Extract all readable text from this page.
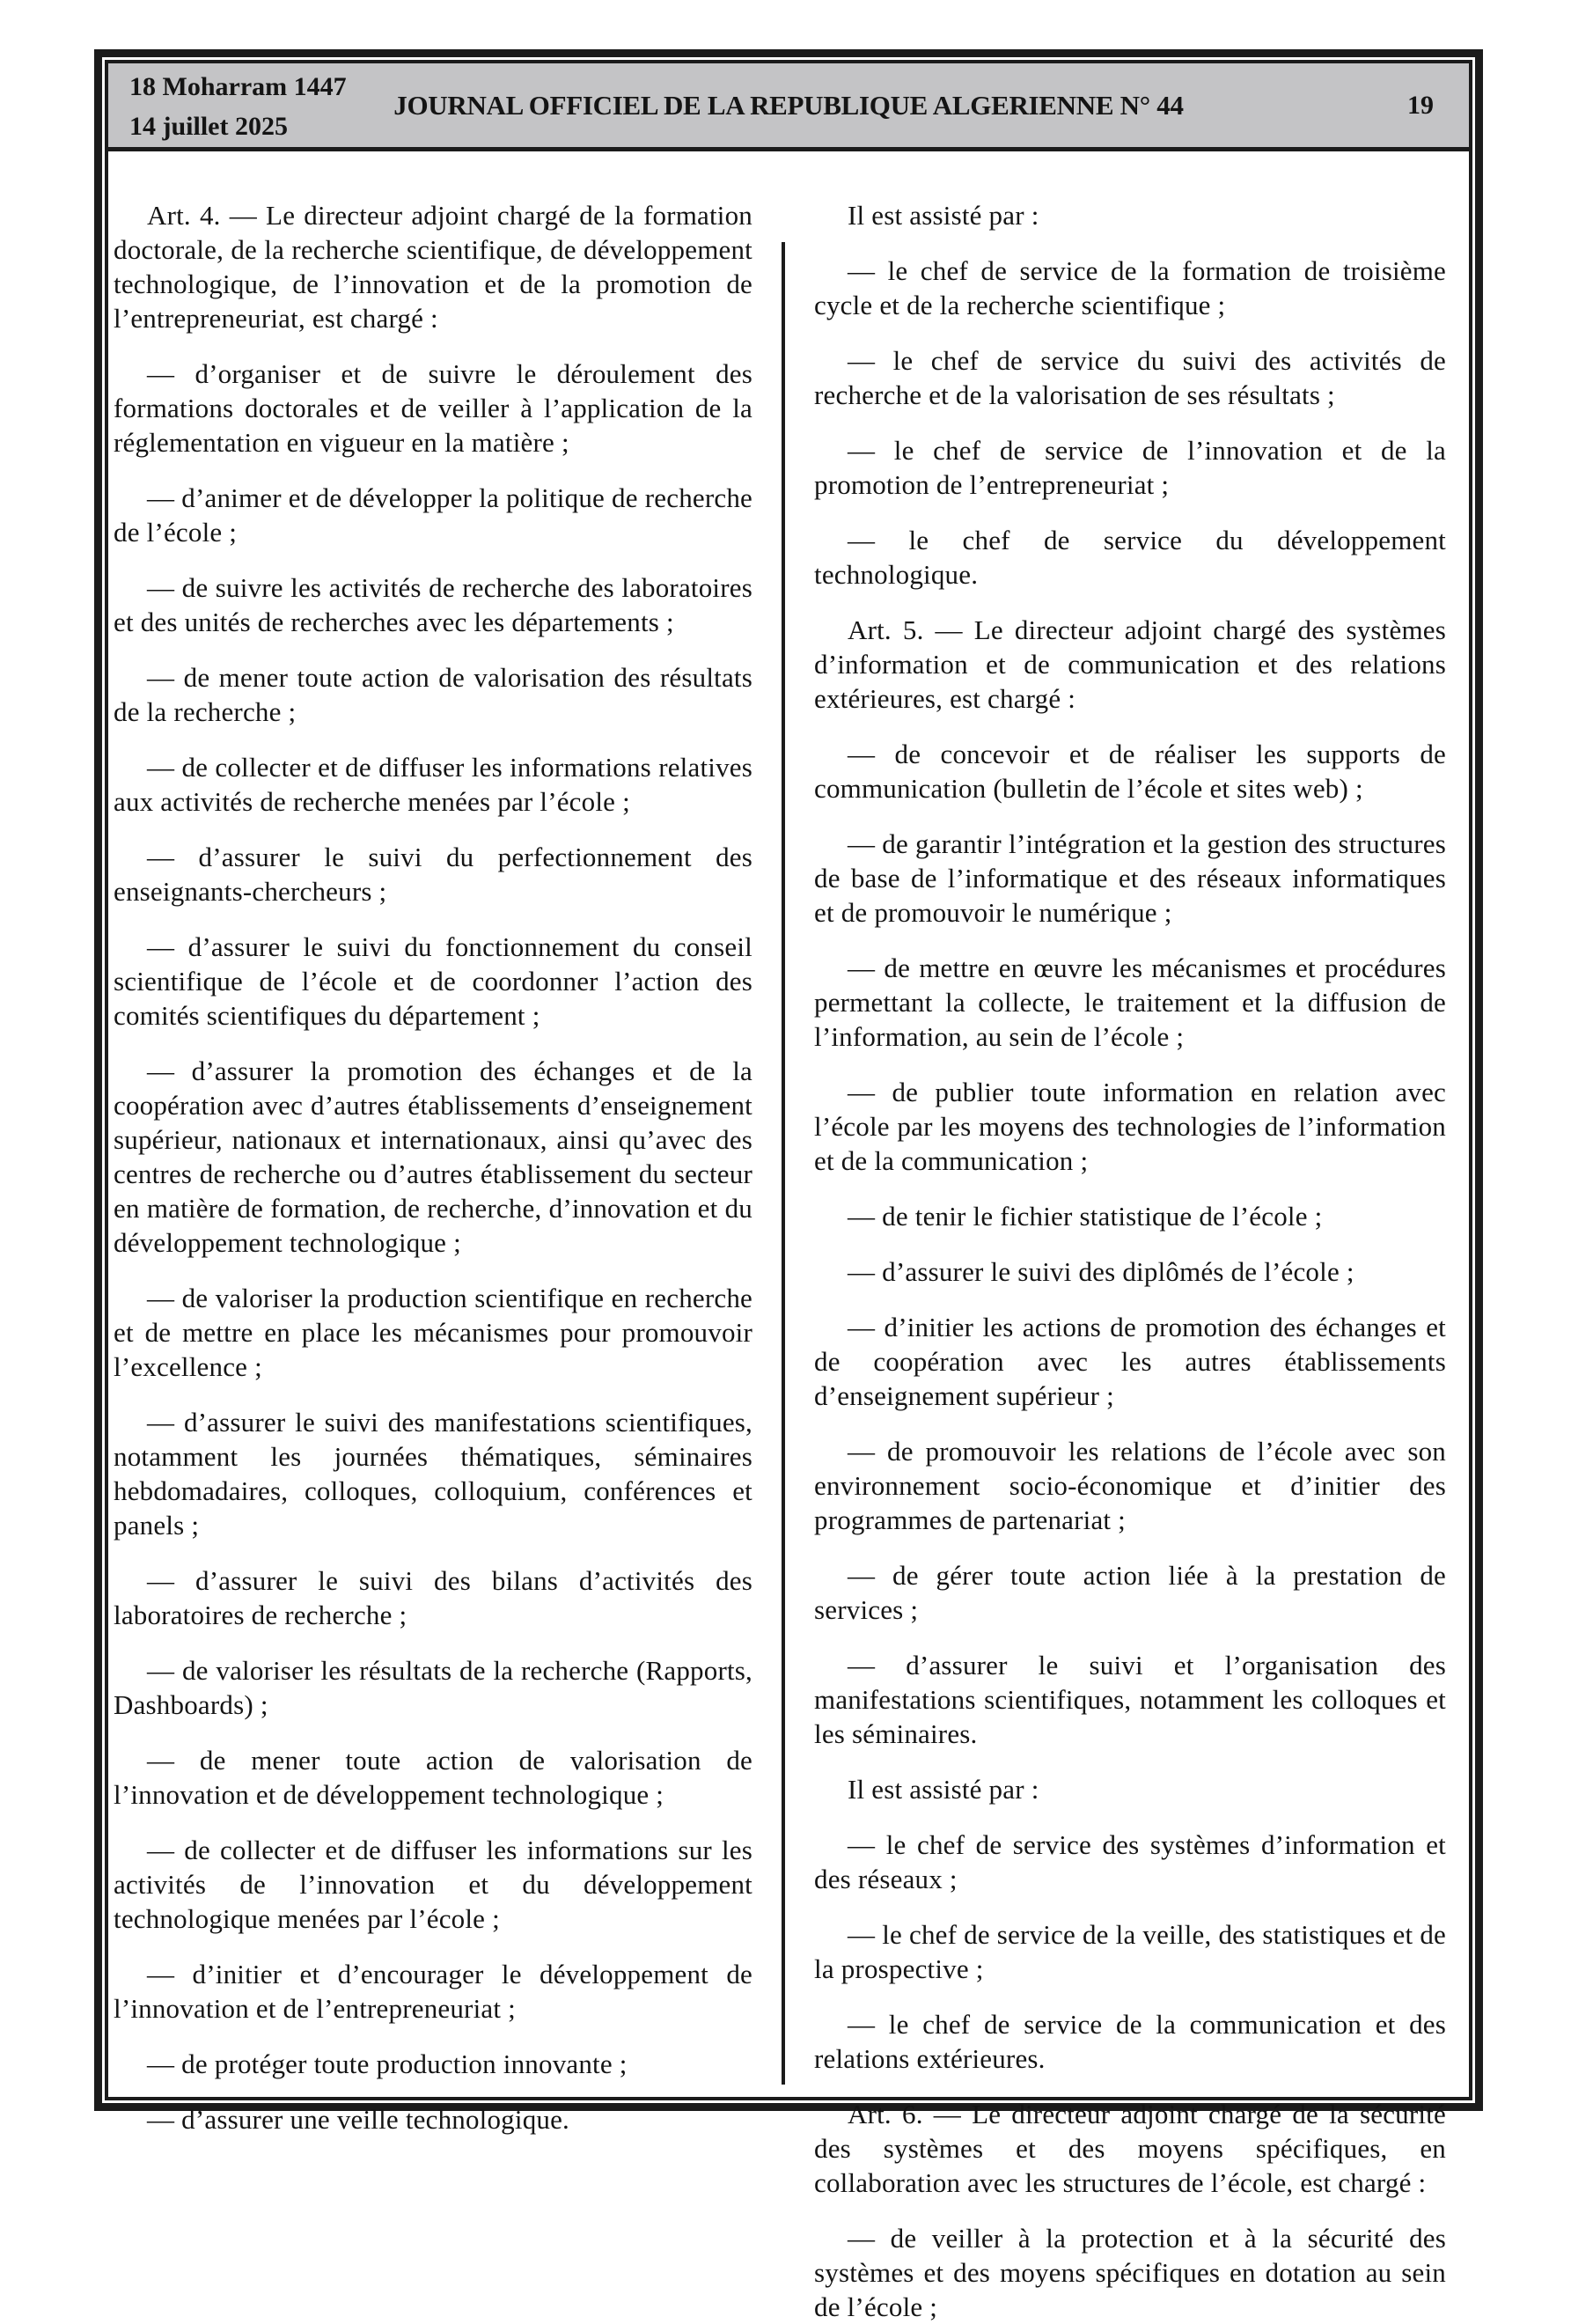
18 Moharram 1447
14 juillet 2025
JOURNAL OFFICIEL DE LA REPUBLIQUE ALGERIENNE N° 44	19

Art. 4. — Le directeur adjoint chargé de la formation doctorale, de la recherche scientifique, de développement technologique, de l’innovation et de la promotion de l’entrepreneuriat, est chargé :

— d’organiser et de suivre le déroulement des formations doctorales et de veiller à l’application de la réglementation en vigueur en la matière ;

— d’animer et de développer la politique de recherche de l’école ;

— de suivre les activités de recherche des laboratoires et des unités de recherches avec les départements ;

— de mener toute action de valorisation des résultats de la recherche ;

— de collecter et de diffuser les informations relatives aux activités de recherche menées par l’école ;

— d’assurer le suivi du perfectionnement des enseignants-chercheurs ;

— d’assurer le suivi du fonctionnement du conseil scientifique de l’école et de coordonner l’action des comités scientifiques du département ;

— d’assurer la promotion des échanges et de la coopération avec d’autres établissements d’enseignement supérieur, nationaux et internationaux, ainsi qu’avec des centres de recherche ou d’autres établissement du secteur en matière de formation, de recherche, d’innovation et du développement technologique ;

— de valoriser la production scientifique en recherche et de mettre en place les mécanismes pour promouvoir l’excellence ;

— d’assurer le suivi des manifestations scientifiques, notamment les journées thématiques, séminaires hebdomadaires, colloques, colloquium, conférences et panels ;

— d’assurer le suivi des bilans d’activités des laboratoires de recherche ;

— de valoriser les résultats de la recherche (Rapports, Dashboards) ;

— de mener toute action de valorisation de l’innovation et de développement technologique ;

— de collecter et de diffuser les informations sur les activités de l’innovation et du développement technologique menées par l’école ;

— d’initier et d’encourager le développement de l’innovation et de l’entrepreneuriat ;

— de protéger toute production innovante ;

— d’assurer une veille technologique.

Il est assisté par :

— le chef de service de la formation de troisième cycle et de la recherche scientifique ;

— le chef de service du suivi des activités de recherche et de la valorisation de ses résultats ;

— le chef de service de l’innovation et de la promotion de l’entrepreneuriat ;

— le chef de service du développement technologique.

Art. 5. — Le directeur adjoint chargé des systèmes d’information et de communication et des relations extérieures, est chargé :

— de concevoir et de réaliser les supports de communication (bulletin de l’école et sites web) ;

— de garantir l’intégration et la gestion des structures de base de l’informatique et des réseaux informatiques et de promouvoir le numérique ;

— de mettre en œuvre les mécanismes et procédures permettant la collecte, le traitement et la diffusion de l’information, au sein de l’école ;

— de publier toute information en relation avec l’école par les moyens des technologies de l’information et de la communication ;

— de tenir le fichier statistique de l’école ;

— d’assurer le suivi des diplômés de l’école ;

— d’initier les actions de promotion des échanges et de coopération avec les autres établissements d’enseignement supérieur ;

— de promouvoir les relations de l’école avec son environnement socio-économique et d’initier des programmes de partenariat ;

— de gérer toute action liée à la prestation de services ;

— d’assurer le suivi et l’organisation des manifestations scientifiques, notamment les colloques et les séminaires.

Il est assisté par :

— le chef de service des systèmes d’information et des réseaux ;

— le chef de service de la veille, des statistiques et de la prospective ;

— le chef de service de la communication et des relations extérieures.

Art. 6. — Le directeur adjoint chargé de la sécurité des systèmes et des moyens spécifiques, en collaboration avec les structures de l’école, est chargé :

— de veiller à la protection et à la sécurité des systèmes et des moyens spécifiques en dotation au sein de l’école ;
